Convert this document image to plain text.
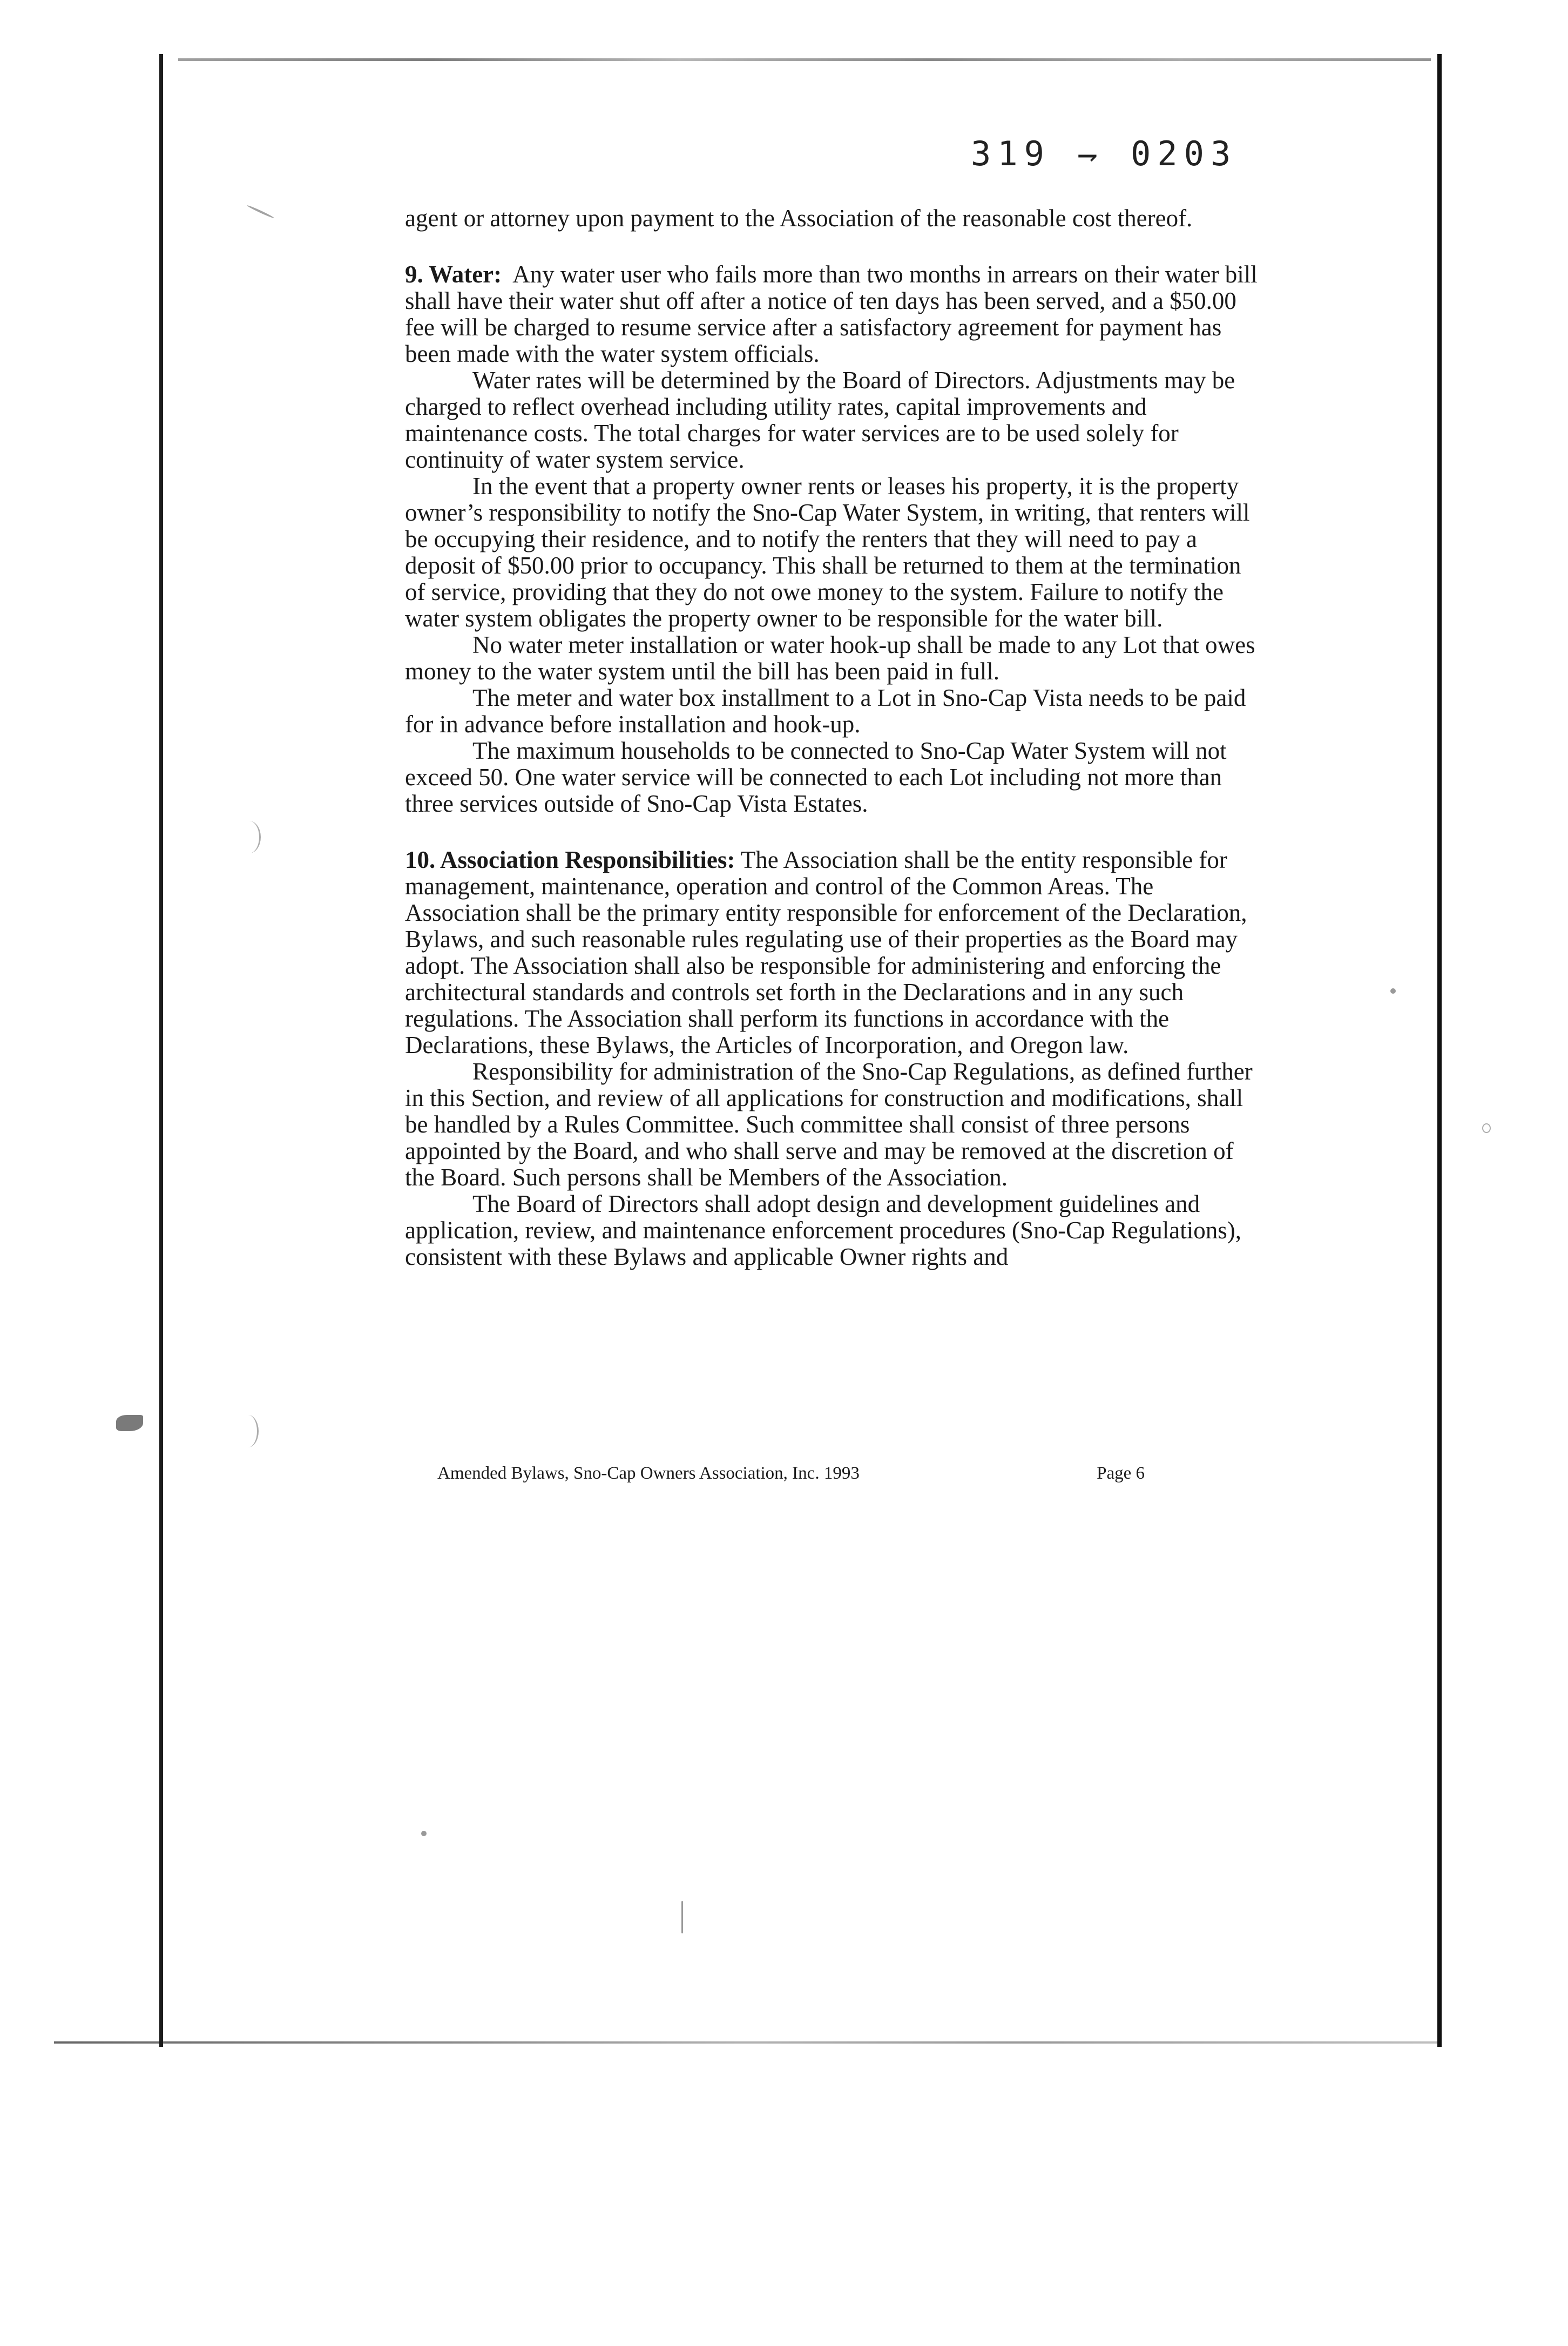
319 ⇁ 0203

agent or attorney upon payment to the Association of the reasonable cost thereof.

9. Water: Any water user who fails more than two months in arrears on their water bill shall have their water shut off after a notice of ten days has been served, and a $50.00 fee will be charged to resume service after a satisfactory agreement for payment has been made with the water system officials.

Water rates will be determined by the Board of Directors. Adjustments may be charged to reflect overhead including utility rates, capital improvements and maintenance costs. The total charges for water services are to be used solely for continuity of water system service.

In the event that a property owner rents or leases his property, it is the property owner’s responsibility to notify the Sno-Cap Water System, in writing, that renters will be occupying their residence, and to notify the renters that they will need to pay a deposit of $50.00 prior to occupancy. This shall be returned to them at the termination of service, providing that they do not owe money to the system. Failure to notify the water system obligates the property owner to be responsible for the water bill.

No water meter installation or water hook-up shall be made to any Lot that owes money to the water system until the bill has been paid in full.

The meter and water box installment to a Lot in Sno-Cap Vista needs to be paid for in advance before installation and hook-up.

The maximum households to be connected to Sno-Cap Water System will not exceed 50. One water service will be connected to each Lot including not more than three services outside of Sno-Cap Vista Estates.

10. Association Responsibilities: The Association shall be the entity responsible for management, maintenance, operation and control of the Common Areas. The Association shall be the primary entity responsible for enforcement of the Declaration, Bylaws, and such reasonable rules regulating use of their properties as the Board may adopt. The Association shall also be responsible for administering and enforcing the architectural standards and controls set forth in the Declarations and in any such regulations. The Association shall perform its functions in accordance with the Declarations, these Bylaws, the Articles of Incorporation, and Oregon law.

Responsibility for administration of the Sno-Cap Regulations, as defined further in this Section, and review of all applications for construction and modifications, shall be handled by a Rules Committee. Such committee shall consist of three persons appointed by the Board, and who shall serve and may be removed at the discretion of the Board. Such persons shall be Members of the Association.

The Board of Directors shall adopt design and development guidelines and application, review, and maintenance enforcement procedures (Sno-Cap Regulations), consistent with these Bylaws and applicable Owner rights and

Amended Bylaws, Sno-Cap Owners Association, Inc. 1993	Page 6
